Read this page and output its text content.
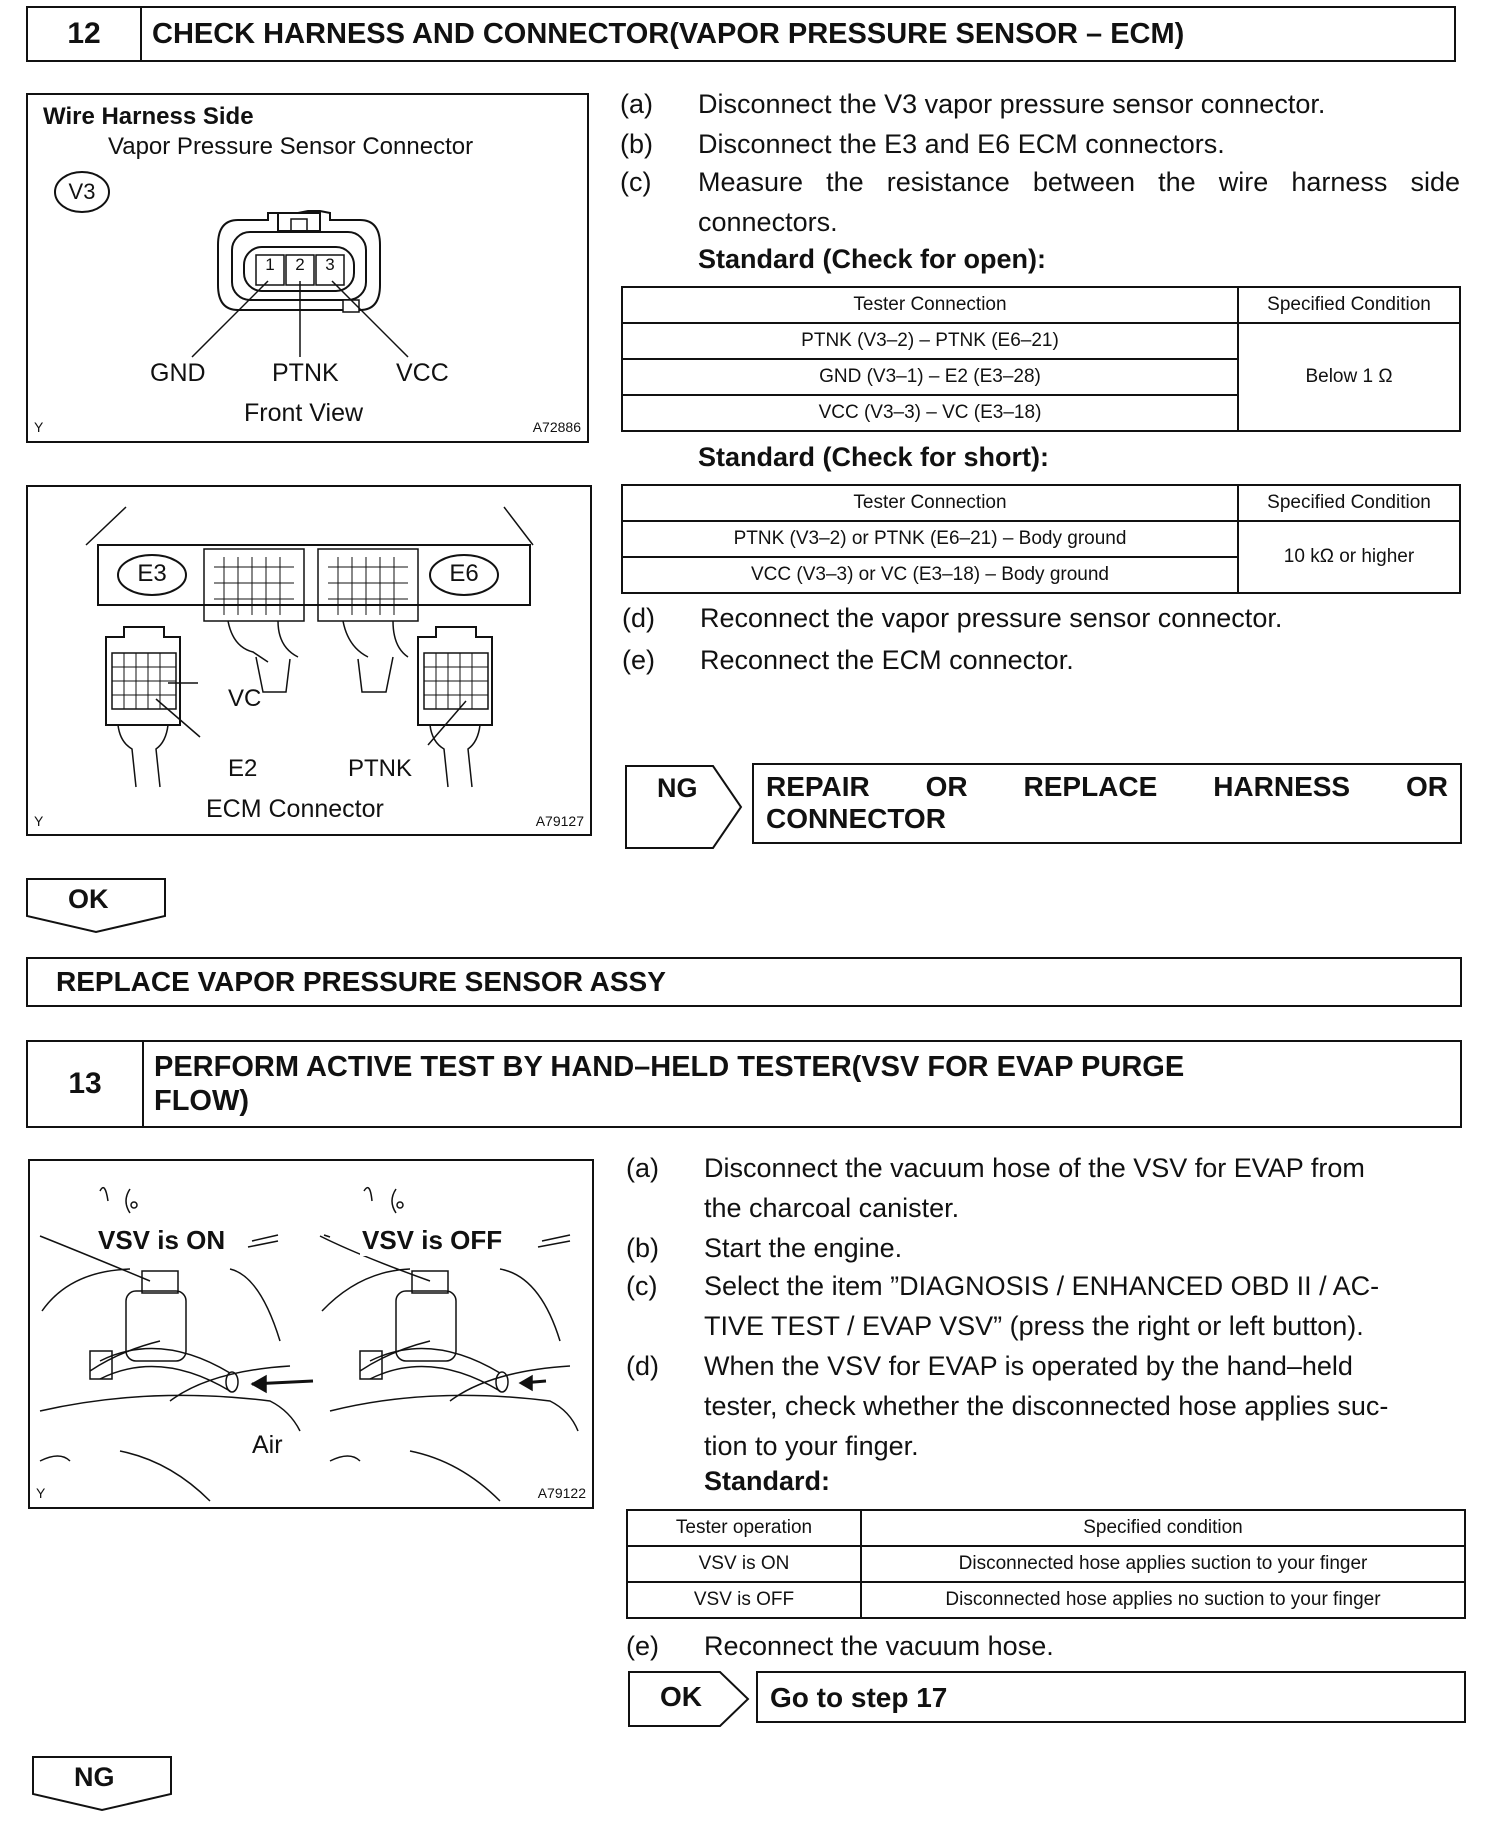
12	CHECK HARNESS AND CONNECTOR(VAPOR PRESSURE SENSOR – ECM)
Wire Harness Side
Vapor Pressure Sensor Connector
V3
1	2	3
GND	PTNK VCC
Front View
Y	A72886
E3	E6
VC
E2	PTNK
ECM Connector
Y	A79127
(a)	Disconnect the V3 vapor pressure sensor connector.
(b)	Disconnect the E3 and E6 ECM connectors.
(c)	Measure the resistance between the wire harness side connectors.
Standard (Check for open):
Tester Connection	Specified Condition
PTNK (V3–2) – PTNK (E6–21)	Below 1 Ω
GND (V3–1) – E2 (E3–28)	
VCC (V3–3) – VC (E3–18)	
Standard (Check for short):
Tester Connection	Specified Condition
PTNK (V3–2) or PTNK (E6–21) – Body ground	10 kΩ or higher
VCC (V3–3) or VC (E3–18) – Body ground	
(d)	Reconnect the vapor pressure sensor connector.
(e)	Reconnect the ECM connector.
NG REPAIR OR REPLACE HARNESS OR
CONNECTOR
OK
REPLACE VAPOR PRESSURE SENSOR ASSY
13	PERFORM ACTIVE TEST BY HAND–HELD TESTER(VSV FOR EVAP PURGE
FLOW)
VSV is ON	VSV is OFF
Air
Y	A79122
(a)	Disconnect the vacuum hose of the VSV for EVAP from
the charcoal canister.
(b)	Start the engine.
(c)	Select the item ”DIAGNOSIS / ENHANCED OBD II / AC-
TIVE TEST / EVAP VSV” (press the right or left button).
(d)	When the VSV for EVAP is operated by the hand–held
tester, check whether the disconnected hose applies suc-
tion to your finger.
Standard:
Tester operation	Specified condition
VSV is ON	Disconnected hose applies suction to your finger
VSV is OFF	Disconnected hose applies no suction to your finger
(e)	Reconnect the vacuum hose.
OK	Go to step 17
NG
